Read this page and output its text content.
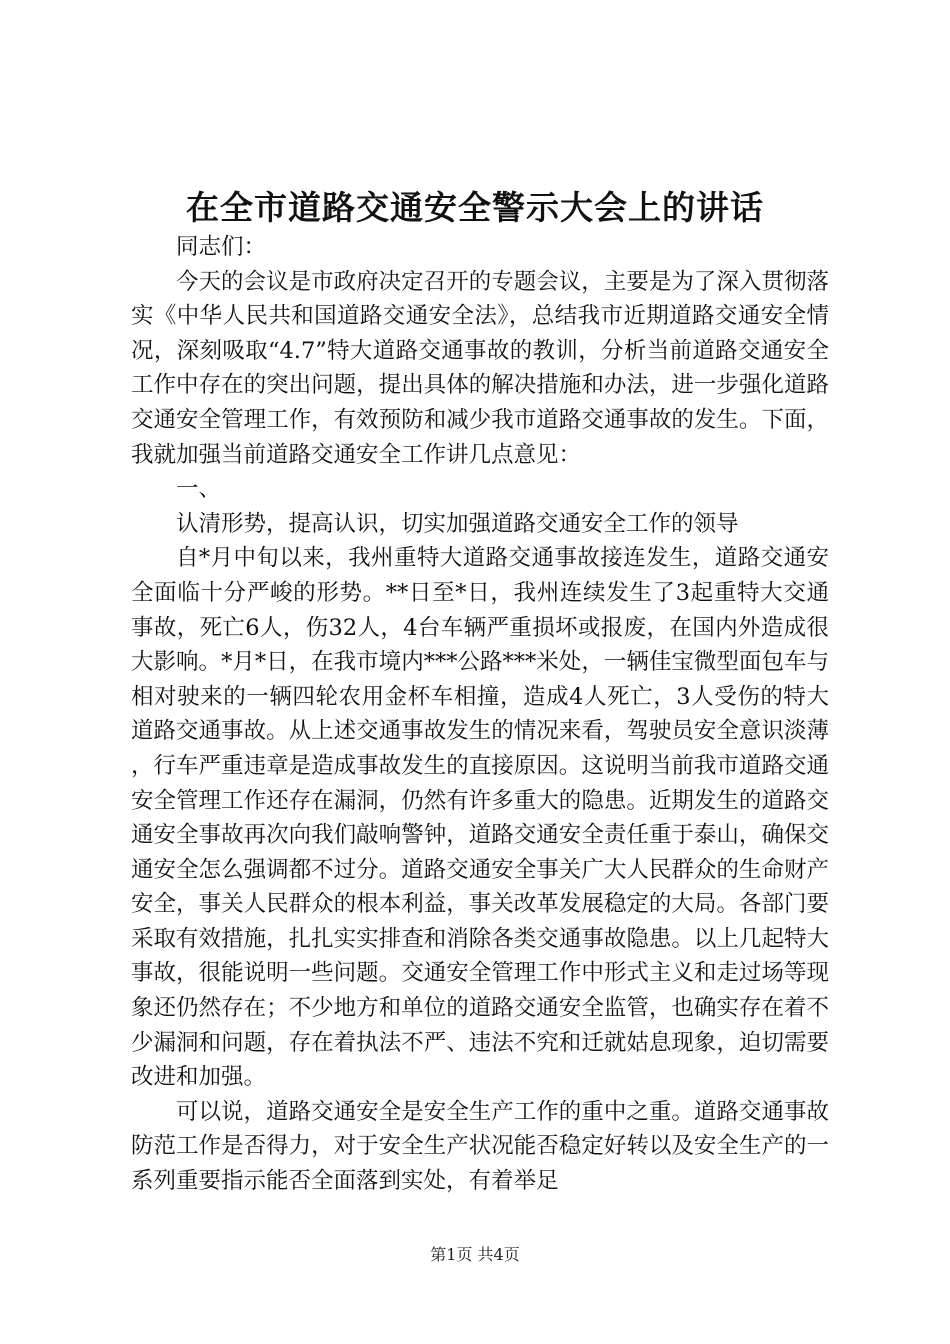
在全市道路交通安全警示大会上的讲话

同志们：

今天的会议是市政府决定召开的专题会议，主要是为了深入贯彻落实《中华人民共和国道路交通安全法》，总结我市近期道路交通安全情况，深刻吸取“4.7”特大道路交通事故的教训，分析当前道路交通安全工作中存在的突出问题，提出具体的解决措施和办法，进一步强化道路交通安全管理工作，有效预防和减少我市道路交通事故的发生。下面，我就加强当前道路交通安全工作讲几点意见：

一、

认清形势，提高认识，切实加强道路交通安全工作的领导

自*月中旬以来，我州重特大道路交通事故接连发生，道路交通安全面临十分严峻的形势。**日至*日，我州连续发生了3起重特大交通事故，死亡6人，伤32人，4台车辆严重损坏或报废，在国内外造成很大影响。*月*日，在我市境内***公路***米处，一辆佳宝微型面包车与相对驶来的一辆四轮农用金杯车相撞，造成4人死亡，3人受伤的特大道路交通事故。从上述交通事故发生的情况来看，驾驶员安全意识淡薄，行车严重违章是造成事故发生的直接原因。这说明当前我市道路交通安全管理工作还存在漏洞，仍然有许多重大的隐患。近期发生的道路交通安全事故再次向我们敲响警钟，道路交通安全责任重于泰山，确保交通安全怎么强调都不过分。道路交通安全事关广大人民群众的生命财产安全，事关人民群众的根本利益，事关改革发展稳定的大局。各部门要采取有效措施，扎扎实实排查和消除各类交通事故隐患。以上几起特大事故，很能说明一些问题。交通安全管理工作中形式主义和走过场等现象还仍然存在；不少地方和单位的道路交通安全监管，也确实存在着不少漏洞和问题，存在着执法不严、违法不究和迁就姑息现象，迫切需要改进和加强。

可以说，道路交通安全是安全生产工作的重中之重。道路交通事故防范工作是否得力，对于安全生产状况能否稳定好转以及安全生产的一系列重要指示能否全面落到实处，有着举足

第1页 共4页
